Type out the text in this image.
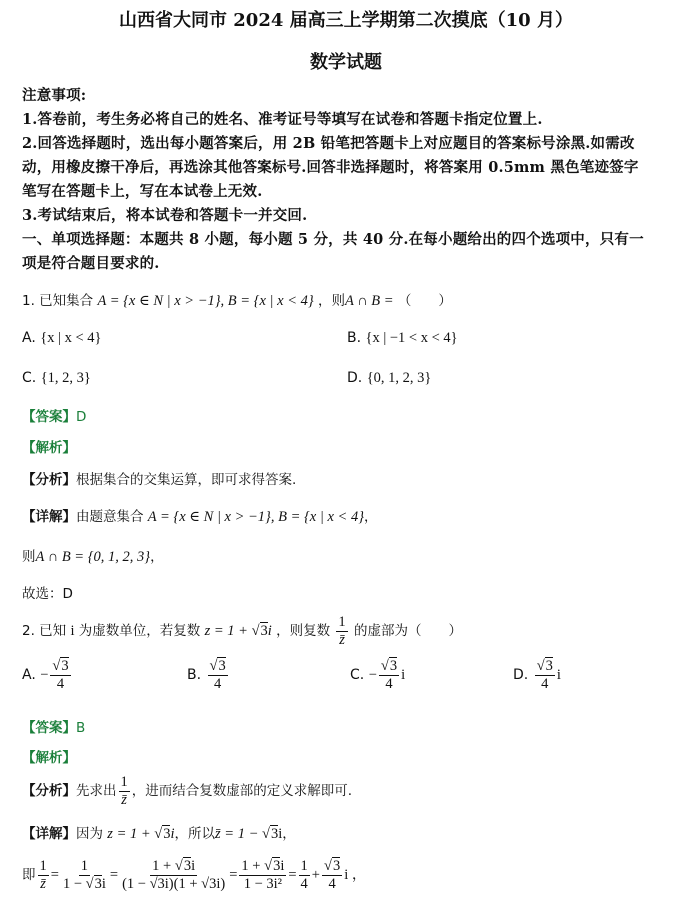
山西省大同市 2024 届高三上学期第二次摸底（10 月）
数学试题
注意事项:
1.答卷前，考生务必将自己的姓名、准考证号等填写在试卷和答题卡指定位置上.
2.回答选择题时，选出每小题答案后，用 2B 铅笔把答题卡上对应题目的答案标号涂黑.如需改
动，用橡皮擦干净后，再选涂其他答案标号.回答非选择题时，将答案用 0.5mm 黑色笔迹签字
笔写在答题卡上，写在本试卷上无效.
3.考试结束后，将本试卷和答题卡一并交回.
一、单项选择题：本题共 8 小题，每小题 5 分，共 40 分.在每小题给出的四个选项中，只有一
项是符合题目要求的.
1. 已知集合 A = {x ∈ N | x > −1}, B = {x | x < 4} ，则A ∩ B = （　　）
A. {x | x < 4}	B. {x | −1 < x < 4}
C. {1, 2, 3}	D. {0, 1, 2, 3}
【答案】D
【解析】
【分析】根据集合的交集运算，即可求得答案.
【详解】由题意集合 A = {x ∈ N | x > −1}, B = {x | x < 4}，
则A ∩ B = {0, 1, 2, 3}，
故选：D
2. 已知 i 为虚数单位，若复数 z = 1 + √3i ，则复数 $\frac{1}{z̄}$ 的虚部为（　　）
A. − $\frac{√3}{4}$	B. $\frac{√3}{4}$	C. − $\frac{√3}{4}$ i	D. $\frac{√3}{4}$ i
【答案】B
【解析】
【分析】先求出 $\frac{1}{z̄}$ ，进而结合复数虚部的定义求解即可.
【详解】因为 z = 1 + √3i，所以z̄ = 1 − √3i，
即 $\frac{1}{z̄} = \frac{1}{1 - √3i} = \frac{1 + √3i}{(1 - √3i)(1 + √3i)} = \frac{1 + √3i}{\text{1 − 3i²}} = \frac{1}{4} + \frac{√3}{4}$ i ，
